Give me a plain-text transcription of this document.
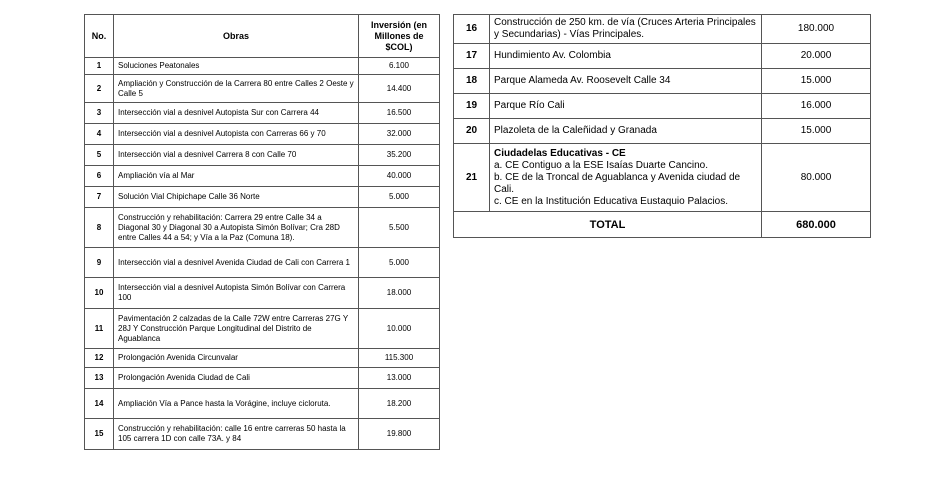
No.	Obras	Inversión (en Millones de $COL)
1	Soluciones Peatonales	6.100
2	Ampliación y Construcción de la Carrera 80 entre Calles 2 Oeste y Calle 5	14.400
3	Intersección vial a desnivel Autopista Sur con Carrera 44	16.500
4	Intersección vial a desnivel Autopista con Carreras 66 y 70	32.000
5	Intersección vial a desnivel Carrera 8 con Calle 70	35.200
6	Ampliación vía al Mar	40.000
7	Solución Vial Chipichape Calle 36 Norte	5.000
8	Construcción y rehabilitación: Carrera 29 entre Calle 34 a Diagonal 30 y Diagonal 30 a Autopista Simón Bolívar; Cra 28D entre Calles 44 a 54; y Vía a la Paz (Comuna 18).	5.500
9	Intersección vial a desnivel Avenida Ciudad de Cali con Carrera 1	5.000
10	Intersección vial a desnivel Autopista Simón Bolívar con Carrera 100	18.000
11	Pavimentación 2 calzadas de la Calle 72W entre Carreras 27G Y 28J Y Construcción Parque Longitudinal del Distrito de Aguablanca	10.000
12	Prolongación Avenida Circunvalar	115.300
13	Prolongación Avenida Ciudad de Cali	13.000
14	Ampliación Vía a Pance hasta la Vorágine, incluye cicloruta.	18.200
15	Construcción y rehabilitación: calle 16 entre carreras 50 hasta la 105 carrera 1D con calle 73A. y 84	19.800
16	Construcción de 250 km. de vía (Cruces Arteria Principales y Secundarias) - Vías Principales.	180.000
17	Hundimiento Av. Colombia	20.000
18	Parque Alameda Av. Roosevelt Calle 34	15.000
19	Parque Río Cali	16.000
20	Plazoleta de la Caleñidad y Granada	15.000
21	Ciudadelas Educativas - CE
a. CE Contiguo a la ESE Isaías Duarte Cancino.
b. CE de la Troncal de Aguablanca y Avenida ciudad de Cali.
c. CE en la Institución Educativa Eustaquio Palacios.	80.000
TOTAL		680.000
